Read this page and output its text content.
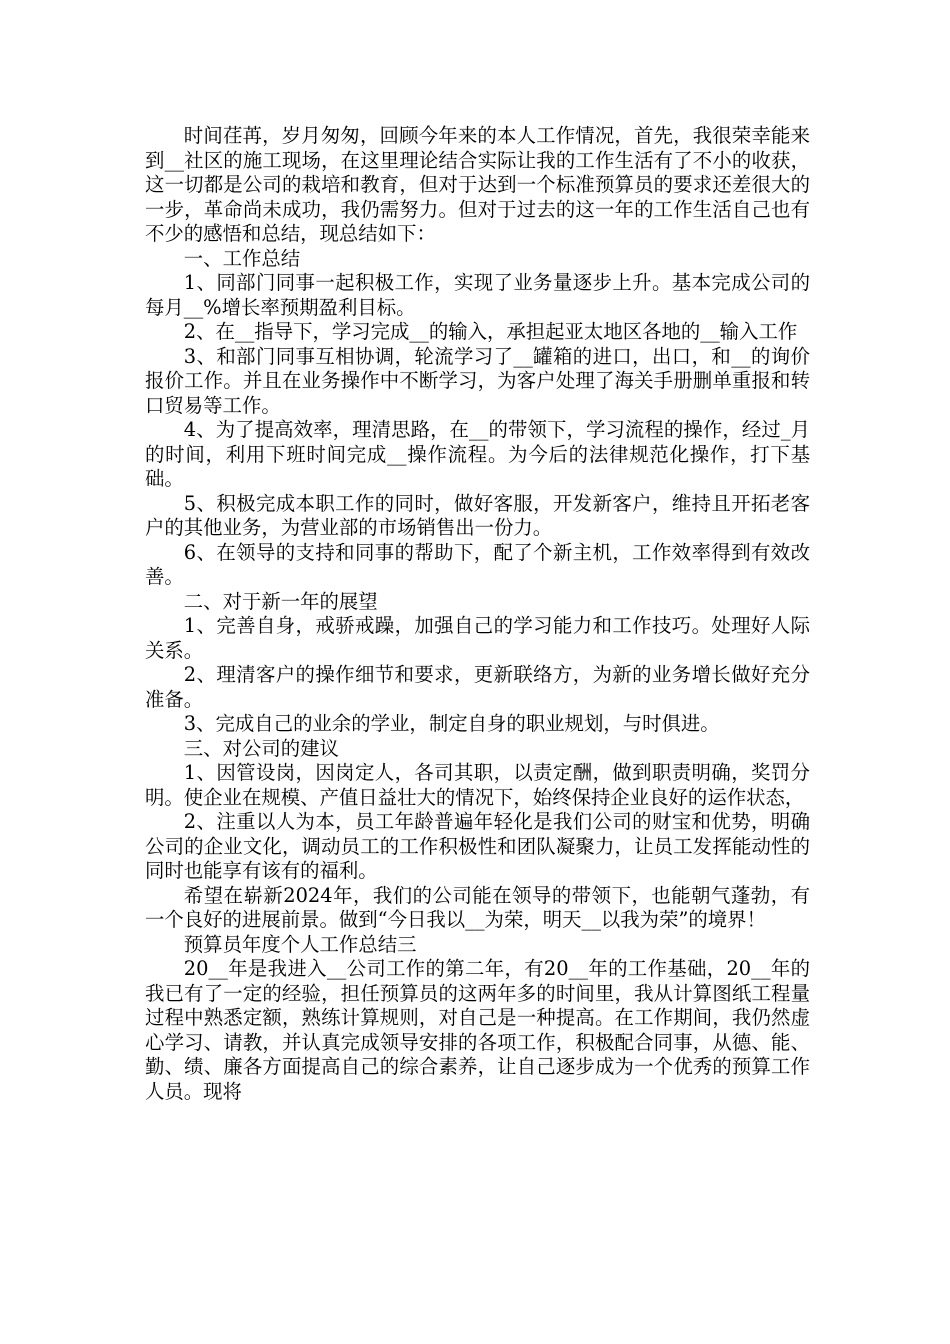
时间荏苒，岁月匆匆，回顾今年来的本人工作情况，首先，我很荣幸能来到__社区的施工现场，在这里理论结合实际让我的工作生活有了不小的收获，这一切都是公司的栽培和教育，但对于达到一个标准预算员的要求还差很大的一步，革命尚未成功，我仍需努力。但对于过去的这一年的工作生活自己也有不少的感悟和总结，现总结如下：

一、工作总结

1、同部门同事一起积极工作，实现了业务量逐步上升。基本完成公司的每月__%增长率预期盈利目标。

2、在__指导下，学习完成__的输入，承担起亚太地区各地的__输入工作

3、和部门同事互相协调，轮流学习了__罐箱的进口，出口，和__的询价报价工作。并且在业务操作中不断学习，为客户处理了海关手册删单重报和转口贸易等工作。

4、为了提高效率，理清思路，在__的带领下，学习流程的操作，经过_月的时间，利用下班时间完成__操作流程。为今后的法律规范化操作，打下基础。

5、积极完成本职工作的同时，做好客服，开发新客户，维持且开拓老客户的其他业务，为营业部的市场销售出一份力。

6、在领导的支持和同事的帮助下，配了个新主机，工作效率得到有效改善。

二、对于新一年的展望

1、完善自身，戒骄戒躁，加强自己的学习能力和工作技巧。处理好人际关系。

2、理清客户的操作细节和要求，更新联络方，为新的业务增长做好充分准备。

3、完成自己的业余的学业，制定自身的职业规划，与时俱进。

三、对公司的建议

1、因管设岗，因岗定人，各司其职，以责定酬，做到职责明确，奖罚分明。使企业在规模、产值日益壮大的情况下，始终保持企业良好的运作状态，

2、注重以人为本，员工年龄普遍年轻化是我们公司的财宝和优势，明确公司的企业文化，调动员工的工作积极性和团队凝聚力，让员工发挥能动性的同时也能享有该有的福利。

希望在崭新2024年，我们的公司能在领导的带领下，也能朝气蓬勃，有一个良好的进展前景。做到“今日我以__为荣，明天__以我为荣”的境界！

预算员年度个人工作总结三

20__年是我进入__公司工作的第二年，有20__年的工作基础，20__年的我已有了一定的经验，担任预算员的这两年多的时间里，我从计算图纸工程量过程中熟悉定额，熟练计算规则，对自己是一种提高。在工作期间，我仍然虚心学习、请教，并认真完成领导安排的各项工作，积极配合同事，从德、能、勤、绩、廉各方面提高自己的综合素养，让自己逐步成为一个优秀的预算工作人员。现将
